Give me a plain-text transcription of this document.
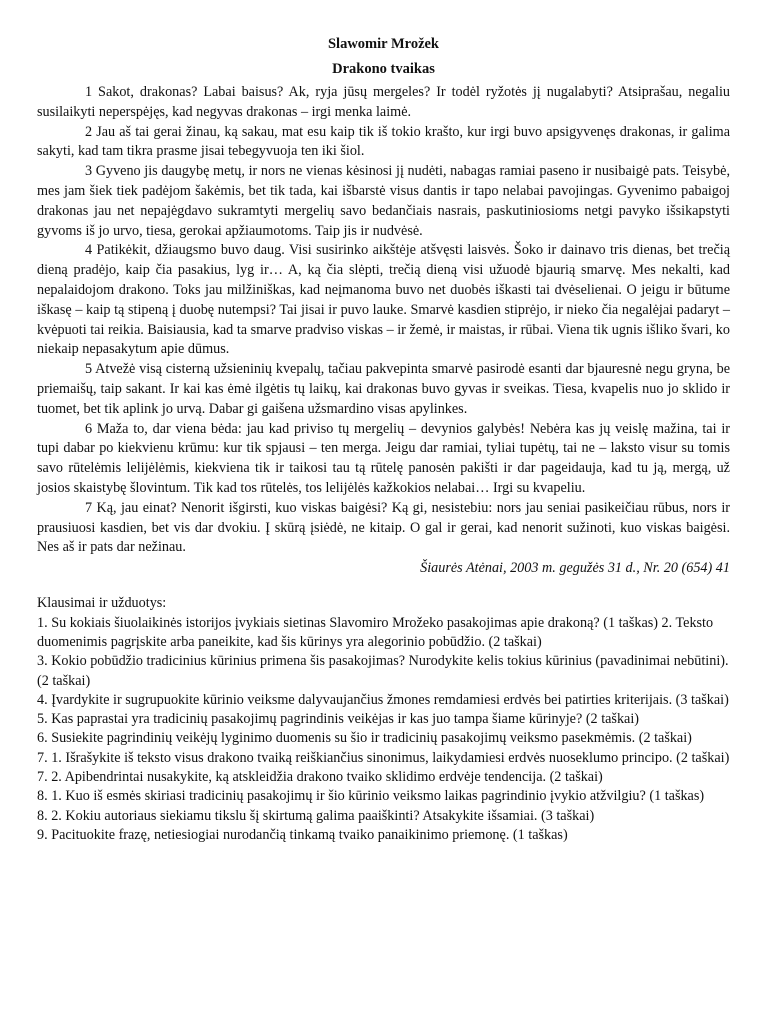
Slawomir Mrožek

Drakono tvaikas

1 Sakot, drakonas? Labai baisus? Ak, ryja jūsų mergeles? Ir todėl ryžotės jį nugalabyti? Atsiprašau, negaliu susilaikyti neperspėjęs, kad negyvas drakonas – irgi menka laimė.

2 Jau aš tai gerai žinau, ką sakau, mat esu kaip tik iš tokio krašto, kur irgi buvo apsigyvenęs drakonas, ir galima sakyti, kad tam tikra prasme jisai tebegyvuoja ten iki šiol.

3 Gyveno jis daugybę metų, ir nors ne vienas kėsinosi jį nudėti, nabagas ramiai paseno ir nusibaigė pats. Teisybė, mes jam šiek tiek padėjom šakėmis, bet tik tada, kai išbarstė visus dantis ir tapo nelabai pavojingas. Gyvenimo pabaigoj drakonas jau net nepajėgdavo sukramtyti mergelių savo bedančiais nasrais, paskutiniosioms netgi pavyko išsikapstyti gyvoms iš jo urvo, tiesa, gerokai apžiaumotoms. Taip jis ir nudvėsė.

4 Patikėkit, džiaugsmo buvo daug. Visi susirinko aikštėje atšvęsti laisvės. Šoko ir dainavo tris dienas, bet trečią dieną pradėjo, kaip čia pasakius, lyg ir… A, ką čia slėpti, trečią dieną visi užuodė bjaurią smarvę. Mes nekalti, kad nepalaidojom drakono. Toks jau milžiniškas, kad neįmanoma buvo net duobės iškasti tai dvėselienai. O jeigu ir būtume iškasę – kaip tą stipeną į duobę nutempsi? Tai jisai ir puvo lauke. Smarvė kasdien stiprėjo, ir nieko čia negalėjai padaryt – kvėpuoti tai reikia. Baisiausia, kad ta smarve pradviso viskas – ir žemė, ir maistas, ir rūbai. Viena tik ugnis išliko švari, ko niekaip nepasakytum apie dūmus.

5 Atvežė visą cisterną užsieninių kvepalų, tačiau pakvepinta smarvė pasirodė esanti dar bjauresnė negu gryna, be priemaišų, taip sakant. Ir kai kas ėmė ilgėtis tų laikų, kai drakonas buvo gyvas ir sveikas. Tiesa, kvapelis nuo jo sklido ir tuomet, bet tik aplink jo urvą. Dabar gi gaišena užsmardino visas apylinkes.

6 Maža to, dar viena bėda: jau kad priviso tų mergelių – devynios galybės! Nebėra kas jų veislę mažina, tai ir tupi dabar po kiekvienu krūmu: kur tik spjausi – ten merga. Jeigu dar ramiai, tyliai tupėtų, tai ne – laksto visur su tomis savo rūtelėmis lelijėlėmis, kiekviena tik ir taikosi tau tą rūtelę panosėn pakišti ir dar pageidauja, kad tu ją, mergą, už josios skaistybę šlovintum. Tik kad tos rūtelės, tos lelijėlės kažkokios nelabai… Irgi su kvapeliu.

7 Ką, jau einat? Nenorit išgirsti, kuo viskas baigėsi? Ką gi, nesistebiu: nors jau seniai pasikeičiau rūbus, nors ir prausiuosi kasdien, bet vis dar dvokiu. Į skūrą įsiėdė, ne kitaip. O gal ir gerai, kad nenorit sužinoti, kuo viskas baigėsi. Nes aš ir pats dar nežinau.

Šiaurės Atėnai, 2003 m. gegužės 31 d., Nr. 20 (654) 41

Klausimai ir užduotys:

1. Su kokiais šiuolaikinės istorijos įvykiais sietinas Slavomiro Mrožeko pasakojimas apie drakoną? (1 taškas) 2. Teksto duomenimis pagrįskite arba paneikite, kad šis kūrinys yra alegorinio pobūdžio. (2 taškai)

3. Kokio pobūdžio tradicinius kūrinius primena šis pasakojimas? Nurodykite kelis tokius kūrinius (pavadinimai nebūtini). (2 taškai)

4. Įvardykite ir sugrupuokite kūrinio veiksme dalyvaujančius žmones remdamiesi erdvės bei patirties kriterijais. (3 taškai)

5. Kas paprastai yra tradicinių pasakojimų pagrindinis veikėjas ir kas juo tampa šiame kūrinyje? (2 taškai)

6. Susiekite pagrindinių veikėjų lyginimo duomenis su šio ir tradicinių pasakojimų veiksmo pasekmėmis. (2 taškai)

7. 1. Išrašykite iš teksto visus drakono tvaiką reiškiančius sinonimus, laikydamiesi erdvės nuoseklumo principo. (2 taškai)

7. 2. Apibendrintai nusakykite, ką atskleidžia drakono tvaiko sklidimo erdvėje tendencija. (2 taškai)

8. 1. Kuo iš esmės skiriasi tradicinių pasakojimų ir šio kūrinio veiksmo laikas pagrindinio įvykio atžvilgiu? (1 taškas)

8. 2. Kokiu autoriaus siekiamu tikslu šį skirtumą galima paaiškinti? Atsakykite išsamiai. (3 taškai)

9. Pacituokite frazę, netiesiogiai nurodančią tinkamą tvaiko panaikinimo priemonę. (1 taškas)
